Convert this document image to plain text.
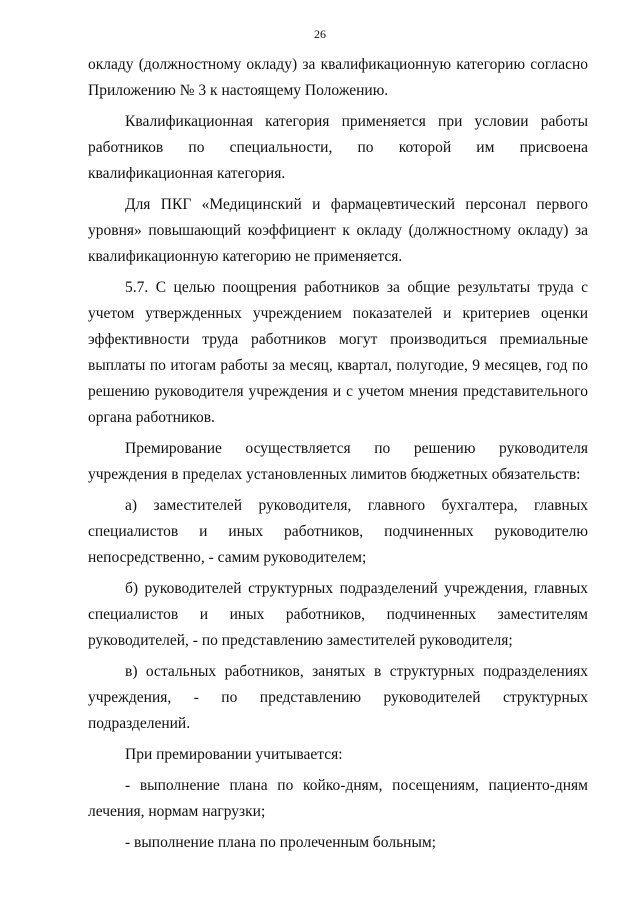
26

окладу (должностному окладу) за квалификационную категорию согласно Приложению № 3 к настоящему Положению.

Квалификационная категория применяется при условии работы работников по специальности, по которой им присвоена квалификационная категория.

Для ПКГ «Медицинский и фармацевтический персонал первого уровня» повышающий коэффициент к окладу (должностному окладу) за квалификационную категорию не применяется.

5.7. С целью поощрения работников за общие результаты труда с учетом утвержденных учреждением показателей и критериев оценки эффективности труда работников могут производиться премиальные выплаты по итогам работы за месяц, квартал, полугодие, 9 месяцев, год по решению руководителя учреждения и с учетом мнения представительного органа работников.

Премирование осуществляется по решению руководителя учреждения в пределах установленных лимитов бюджетных обязательств:

а) заместителей руководителя, главного бухгалтера, главных специалистов и иных работников, подчиненных руководителю непосредственно, - самим руководителем;

б) руководителей структурных подразделений учреждения, главных специалистов и иных работников, подчиненных заместителям руководителей, - по представлению заместителей руководителя;

в) остальных работников, занятых в структурных подразделениях учреждения, - по представлению руководителей структурных подразделений.

При премировании учитывается:

- выполнение плана по койко-дням, посещениям, пациенто-дням лечения, нормам нагрузки;

- выполнение плана по пролеченным больным;
